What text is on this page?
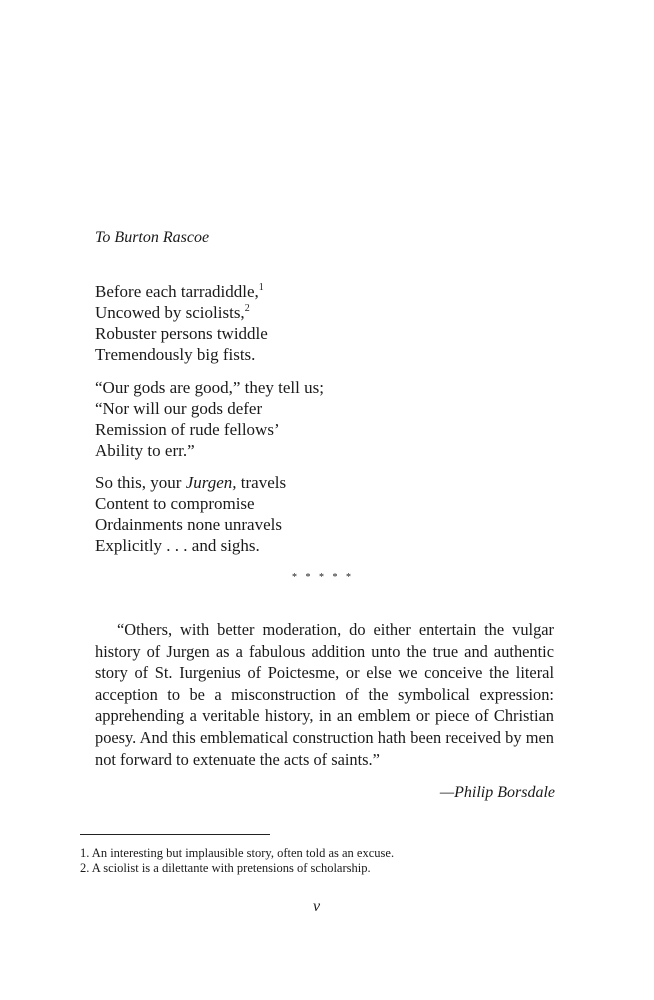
To Burton Rascoe

Before each tarradiddle,$^1$
Uncowed by sciolists,$^2$
Robuster persons twiddle
Tremendously big fists.
“Our gods are good,” they tell us;
“Nor will our gods defer
Remission of rude fellows’
Ability to err.”
So this, your Jurgen, travels
Content to compromise
Ordainments none unravels
Explicitly . . . and sighs.

* * * * *

“Others, with better moderation, do either entertain the vulgar history of Jurgen as a fabulous addition unto the true and authentic story of St. Iurgenius of Poictesme, or else we conceive the literal acception to be a misconstruction of the symbolical expression: apprehending a veritable history, in an emblem or piece of Christian poesy. And this emblematical construction hath been received by men not forward to extenuate the acts of saints.”

—Philip Borsdale

1. An interesting but implausible story, often told as an excuse.
2. A sciolist is a dilettante with pretensions of scholarship.

v
